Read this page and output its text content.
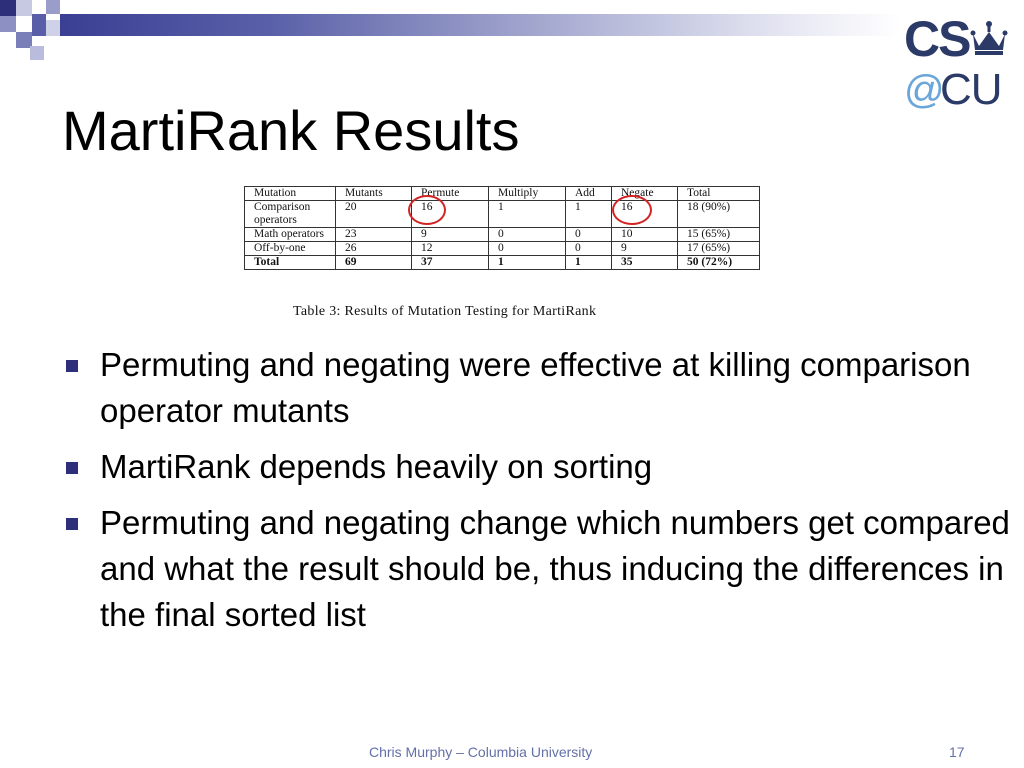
CS
@
CU
MartiRank Results
Mutation	Mutants	Permute	Multiply	Add	Negate	Total
Comparison operators	20	16	1	1	16	18 (90%)
Math operators	23	9	0	0	10	15 (65%)
Off-by-one	26	12	0	0	9	17 (65%)
Total	69	37	1	1	35	50 (72%)
Table 3: Results of Mutation Testing for MartiRank
Permuting and negating were effective at killing comparison operator mutants
MartiRank depends heavily on sorting
Permuting and negating change which numbers get compared and what the result should be, thus inducing the differences in the final sorted list
Chris Murphy – Columbia University	17
